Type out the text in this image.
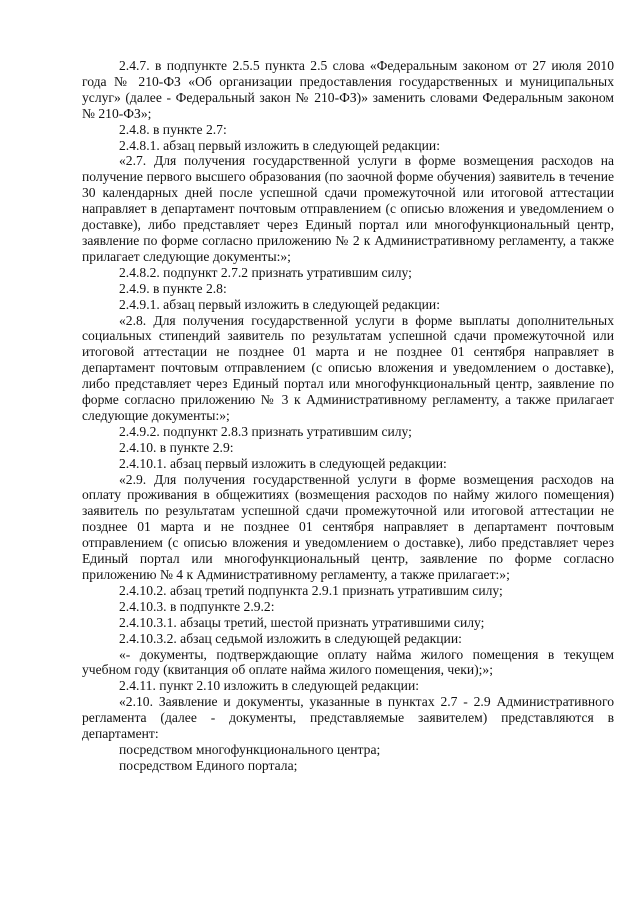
2.4.7. в подпункте 2.5.5 пункта 2.5 слова «Федеральным законом от 27 июля 2010 года № 210-ФЗ «Об организации предоставления государственных и муниципальных услуг» (далее - Федеральный закон № 210-ФЗ)» заменить словами Федеральным законом № 210-ФЗ»;

2.4.8. в пункте 2.7:

2.4.8.1. абзац первый изложить в следующей редакции:

«2.7. Для получения государственной услуги в форме возмещения расходов на получение первого высшего образования (по заочной форме обучения) заявитель в течение 30 календарных дней после успешной сдачи промежуточной или итоговой аттестации направляет в департамент почтовым отправлением (с описью вложения и уведомлением о доставке), либо представляет через Единый портал или многофункциональный центр, заявление по форме согласно приложению № 2 к Административному регламенту, а также прилагает следующие документы:»;

2.4.8.2. подпункт 2.7.2 признать утратившим силу;

2.4.9. в пункте 2.8:

2.4.9.1. абзац первый изложить в следующей редакции:

«2.8. Для получения государственной услуги в форме выплаты дополнительных социальных стипендий заявитель по результатам успешной сдачи промежуточной или итоговой аттестации не позднее 01 марта и не позднее 01 сентября направляет в департамент почтовым отправлением (с описью вложения и уведомлением о доставке), либо представляет через Единый портал или многофункциональный центр, заявление по форме согласно приложению № 3 к Административному регламенту, а также прилагает следующие документы:»;

2.4.9.2. подпункт 2.8.3 признать утратившим силу;

2.4.10. в пункте 2.9:

2.4.10.1. абзац первый изложить в следующей редакции:

«2.9. Для получения государственной услуги в форме возмещения расходов на оплату проживания в общежитиях (возмещения расходов по найму жилого помещения) заявитель по результатам успешной сдачи промежуточной или итоговой аттестации не позднее 01 марта и не позднее 01 сентября направляет в департамент почтовым отправлением (с описью вложения и уведомлением о доставке), либо представляет через Единый портал или многофункциональный центр, заявление по форме согласно приложению № 4 к Административному регламенту, а также прилагает:»;

2.4.10.2. абзац третий подпункта 2.9.1 признать утратившим силу;

2.4.10.3. в подпункте 2.9.2:

2.4.10.3.1. абзацы третий, шестой признать утратившими силу;

2.4.10.3.2. абзац седьмой изложить в следующей редакции:

«- документы, подтверждающие оплату найма жилого помещения в текущем учебном году (квитанция об оплате найма жилого помещения, чеки);»;

2.4.11. пункт 2.10 изложить в следующей редакции:

«2.10. Заявление и документы, указанные в пунктах 2.7 - 2.9 Административного регламента (далее - документы, представляемые заявителем) представляются в департамент:

посредством многофункционального центра;

посредством Единого портала;
